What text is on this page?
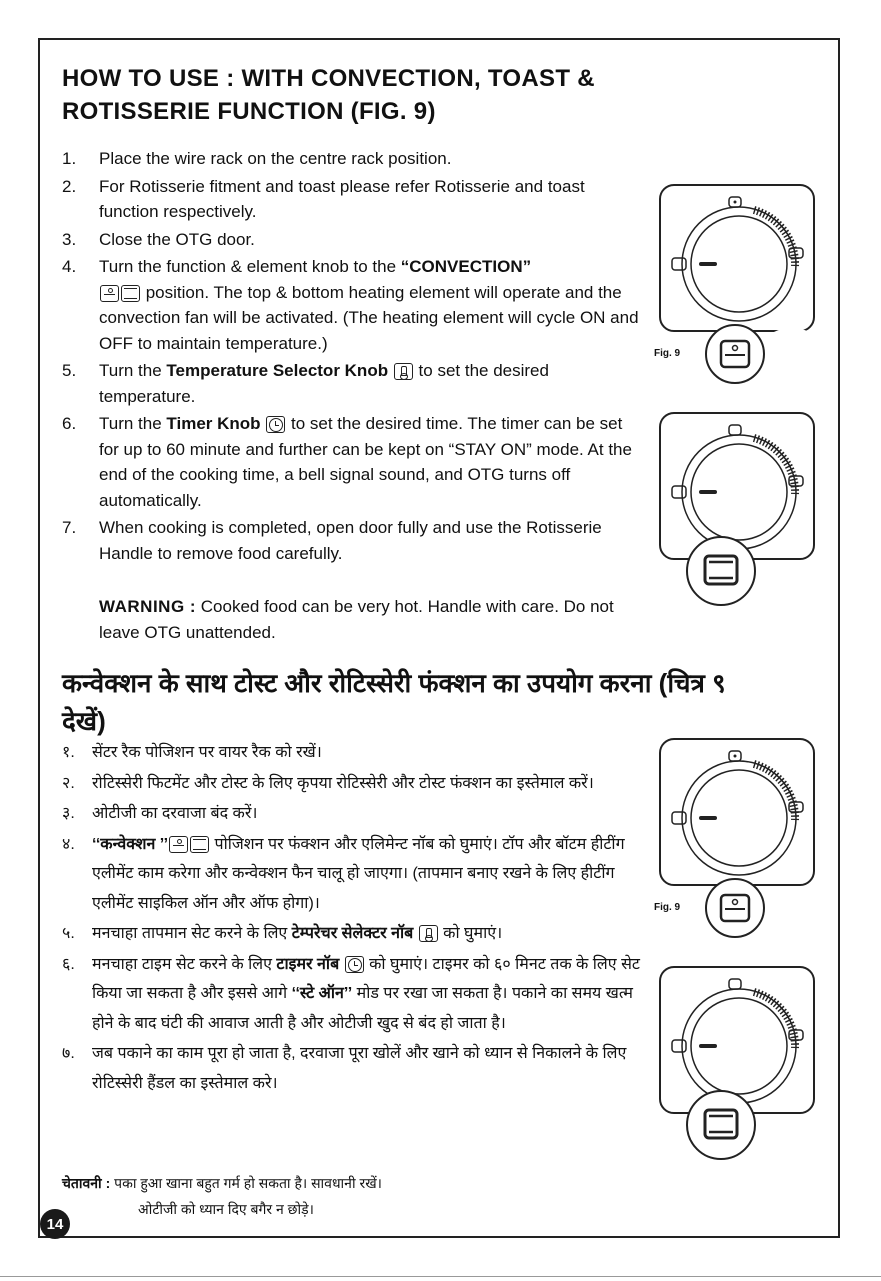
HOW TO USE : WITH CONVECTION, TOAST & ROTISSERIE FUNCTION (FIG. 9)
1. Place the wire rack on the centre rack position.
2. For Rotisserie fitment and toast please refer Rotisserie and toast function respectively.
3. Close the OTG door.
4. Turn the function & element knob to the “CONVECTION”
position. The top & bottom heating element will operate and the convection fan will be activated. (The heating element will cycle ON and OFF to maintain temperature.)
5. Turn the Temperature Selector Knob  to set the desired temperature.
6. Turn the Timer Knob  to set the desired time. The timer can be set for up to 60 minute and further can be kept on “STAY ON” mode. At the end of the cooking time, a bell signal sound, and OTG turns off automatically.
7. When cooking is completed, open door fully and use the Rotisserie Handle to remove food carefully.
WARNING : Cooked food can be very hot. Handle with care. Do not leave OTG unattended.
कन्वेक्शन के साथ टोस्ट और रोटिस्सेरी फंक्शन का उपयोग करना (चित्र ९ देखें)
१. सेंटर रैक पोजिशन पर वायर रैक को रखें।
२. रोटिस्सेरी फिटमेंट और टोस्ट के लिए कृपया रोटिस्सेरी और टोस्ट फंक्शन का इस्तेमाल करें।
३. ओटीजी का दरवाजा बंद करें।
४. ‘‘कन्वेक्शन ’’	पोजिशन पर फंक्शन और एलिमेन्ट नॉब को घुमाएं। टॉप और बॉटम हीटींग एलीमेंट काम करेगा और कन्वेक्शन फैन चालू हो जाएगा। (तापमान बनाए रखने के लिए हीटींग एलीमेंट साइकिल ऑन और ऑफ होगा)।
५. मनचाहा तापमान सेट करने के लिए टेम्परेचर सेलेक्टर नॉब  को घुमाएं।
६. मनचाहा टाइम सेट करने के लिए टाइमर नॉब  को घुमाएं। टाइमर को ६० मिनट तक के लिए सेट किया जा सकता है और इससे आगे ‘‘स्टे ऑन’’ मोड पर रखा जा सकता है। पकाने का समय खत्म होने के बाद घंटी की आवाज आती है और ओटीजी खुद से बंद हो जाता है।
७. जब पकाने का काम पूरा हो जाता है, दरवाजा पूरा खोलें और खाने को ध्यान से निकालने के लिए रोटिस्सेरी हैंडल का इस्तेमाल करे।
चेतावनी : पका हुआ खाना बहुत गर्म हो सकता है। सावधानी रखें।
ओटीजी को ध्यान दिए बगैर न छोड़े।
14
Fig. 9
Fig. 9
